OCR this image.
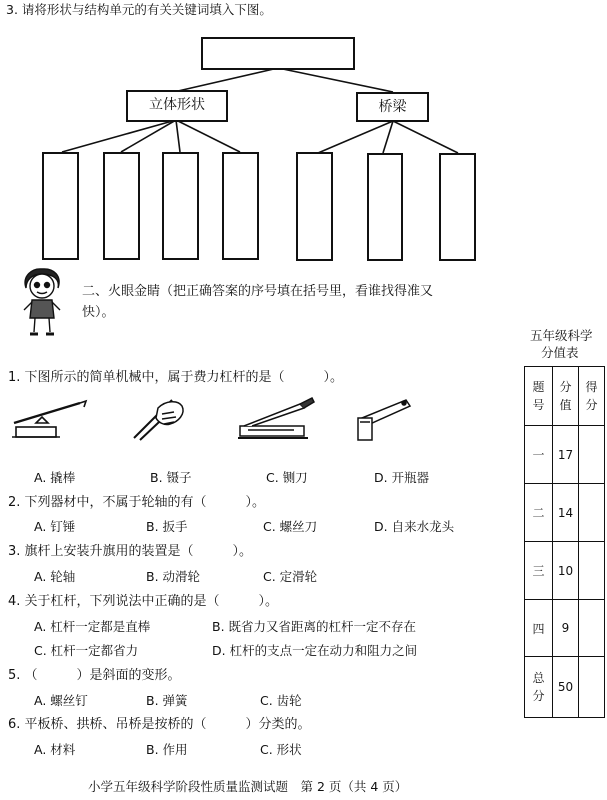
3. 请将形状与结构单元的有关关键词填入下图。
立体形状	桥梁
二、火眼金睛（把正确答案的序号填在括号里，看谁找得准又
快）。
五年级科学
分值表
题号	分值	得分
一	17	
二	14	
三	10	
四	9	
总分	50	
1. 下图所示的简单机械中，属于费力杠杆的是（　　　）。
A. 撬棒	B. 镊子	C. 铡刀	D. 开瓶器
2. 下列器材中，不属于轮轴的有（　　　）。
A. 钉锤	B. 扳手	C. 螺丝刀	D. 自来水龙头
3. 旗杆上安装升旗用的装置是（　　　）。
A. 轮轴	B. 动滑轮	C. 定滑轮
4. 关于杠杆，下列说法中正确的是（　　　）。
A. 杠杆一定都是直棒	B. 既省力又省距离的杠杆一定不存在
C. 杠杆一定都省力	D. 杠杆的支点一定在动力和阻力之间
5. （　　　）是斜面的变形。
A. 螺丝钉	B. 弹簧	C. 齿轮
6. 平板桥、拱桥、吊桥是按桥的（　　　）分类的。
A. 材料	B. 作用	C. 形状
小学五年级科学阶段性质量监测试题　第 2 页（共 4 页）
